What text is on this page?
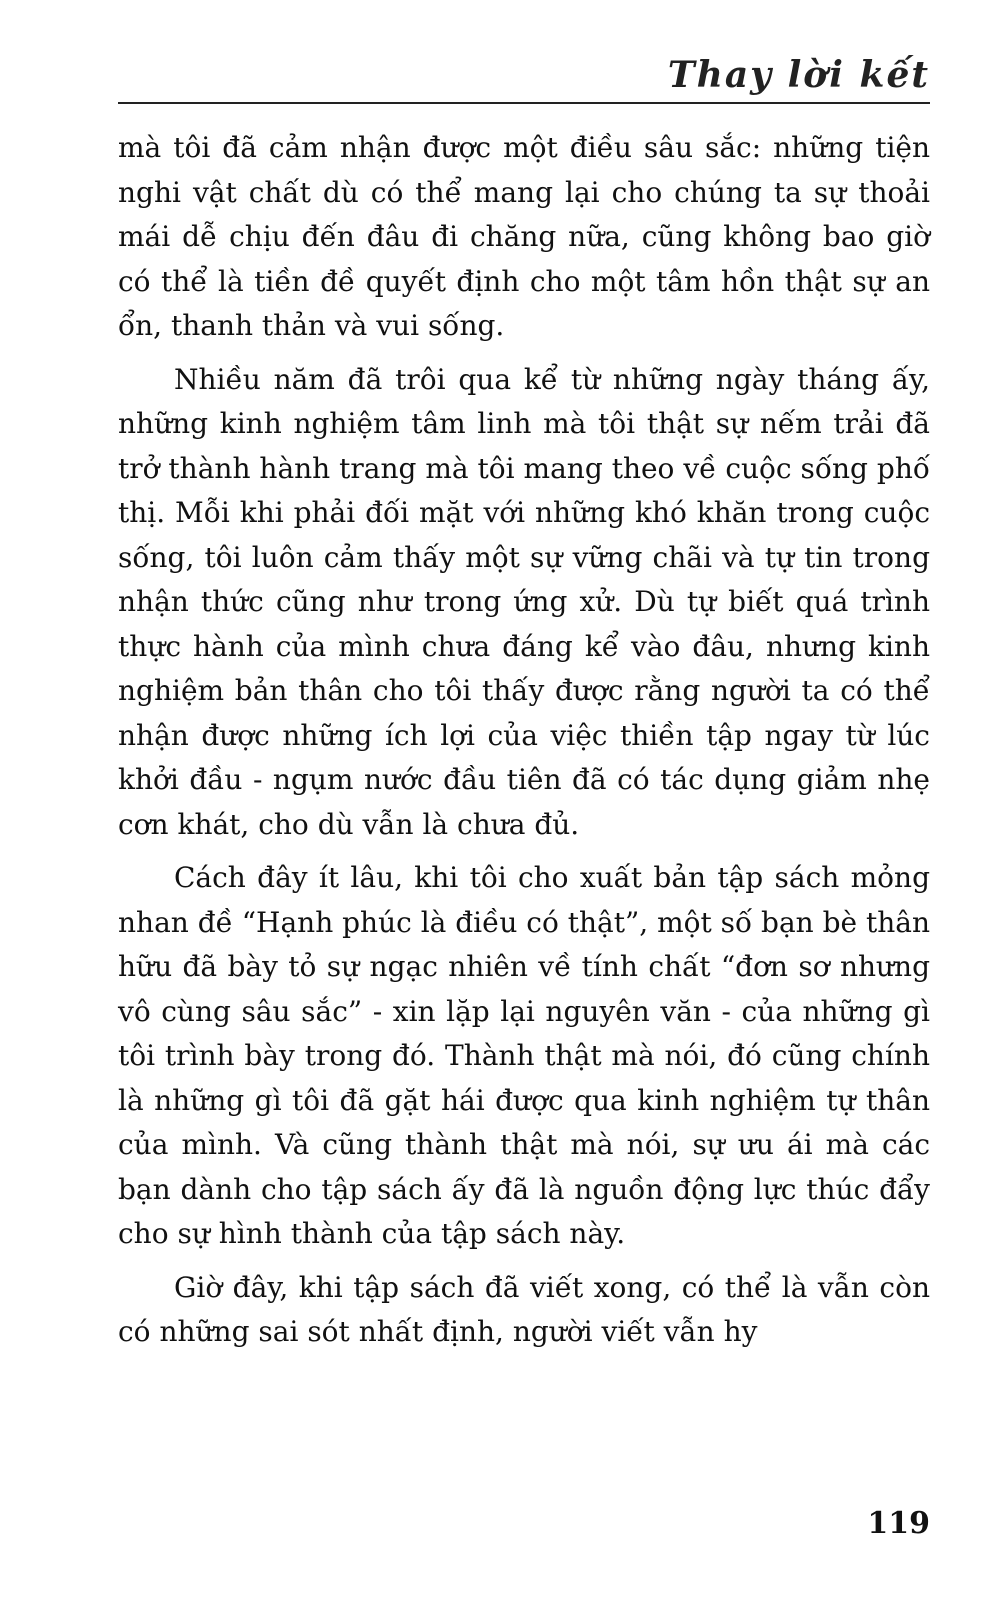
Thay lời kết

mà tôi đã cảm nhận được một điều sâu sắc: những tiện nghi vật chất dù có thể mang lại cho chúng ta sự thoải mái dễ chịu đến đâu đi chăng nữa, cũng không bao giờ có thể là tiền đề quyết định cho một tâm hồn thật sự an ổn, thanh thản và vui sống.

Nhiều năm đã trôi qua kể từ những ngày tháng ấy, những kinh nghiệm tâm linh mà tôi thật sự nếm trải đã trở thành hành trang mà tôi mang theo về cuộc sống phố thị. Mỗi khi phải đối mặt với những khó khăn trong cuộc sống, tôi luôn cảm thấy một sự vững chãi và tự tin trong nhận thức cũng như trong ứng xử. Dù tự biết quá trình thực hành của mình chưa đáng kể vào đâu, nhưng kinh nghiệm bản thân cho tôi thấy được rằng người ta có thể nhận được những ích lợi của việc thiền tập ngay từ lúc khởi đầu - ngụm nước đầu tiên đã có tác dụng giảm nhẹ cơn khát, cho dù vẫn là chưa đủ.

Cách đây ít lâu, khi tôi cho xuất bản tập sách mỏng nhan đề “Hạnh phúc là điều có thật”, một số bạn bè thân hữu đã bày tỏ sự ngạc nhiên về tính chất “đơn sơ nhưng vô cùng sâu sắc” - xin lặp lại nguyên văn - của những gì tôi trình bày trong đó. Thành thật mà nói, đó cũng chính là những gì tôi đã gặt hái được qua kinh nghiệm tự thân của mình. Và cũng thành thật mà nói, sự ưu ái mà các bạn dành cho tập sách ấy đã là nguồn động lực thúc đẩy cho sự hình thành của tập sách này.

Giờ đây, khi tập sách đã viết xong, có thể là vẫn còn có những sai sót nhất định, người viết vẫn hy

119
